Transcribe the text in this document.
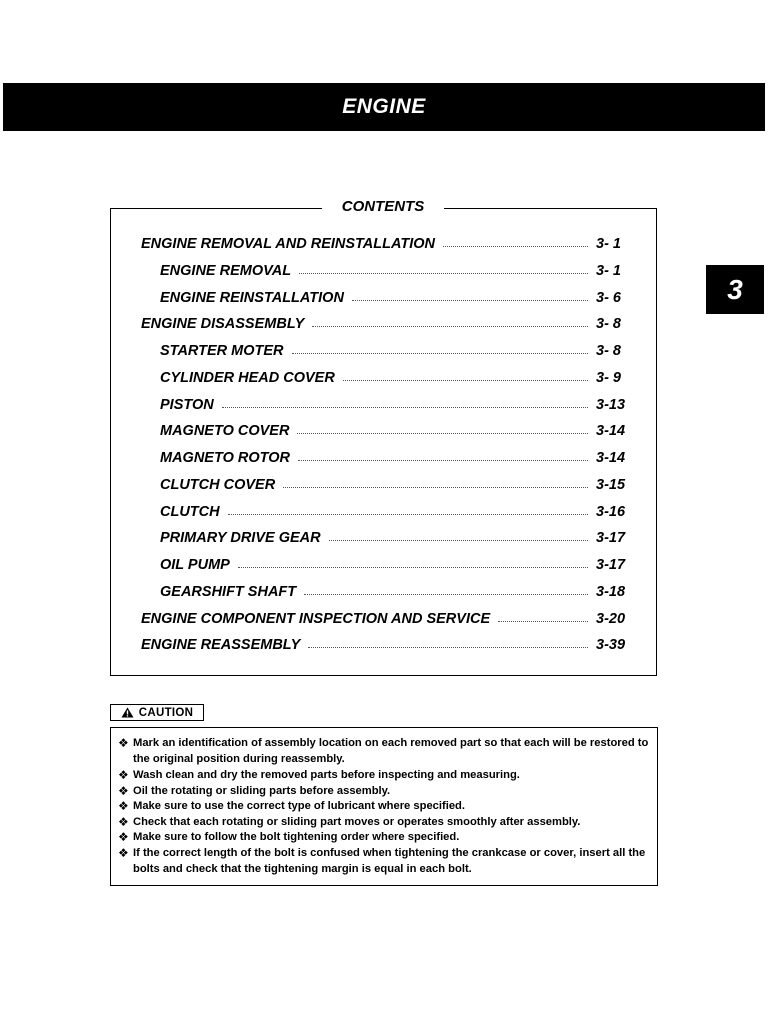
ENGINE
3
CONTENTS
ENGINE REMOVAL AND REINSTALLATION	3- 1
ENGINE REMOVAL	3- 1
ENGINE REINSTALLATION	3- 6
ENGINE DISASSEMBLY	3- 8
STARTER MOTER	3- 8
CYLINDER HEAD COVER	3- 9
PISTON	3-13
MAGNETO COVER	3-14
MAGNETO ROTOR	3-14
CLUTCH COVER	3-15
CLUTCH	3-16
PRIMARY DRIVE GEAR	3-17
OIL PUMP	3-17
GEARSHIFT SHAFT	3-18
ENGINE COMPONENT INSPECTION AND SERVICE	3-20
ENGINE REASSEMBLY	3-39
CAUTION
❖ Mark an identification of assembly location on each removed part so that each will be restored to the original position during reassembly.
❖ Wash clean and dry the removed parts before inspecting and measuring.
❖ Oil the rotating or sliding parts before assembly.
❖ Make sure to use the correct type of lubricant where specified.
❖ Check that each rotating or sliding part moves or operates smoothly after assembly.
❖ Make sure to follow the bolt tightening order where specified.
❖ If the correct length of the bolt is confused when tightening the crankcase or cover, insert all the bolts and check that the tightening margin is equal in each bolt.
